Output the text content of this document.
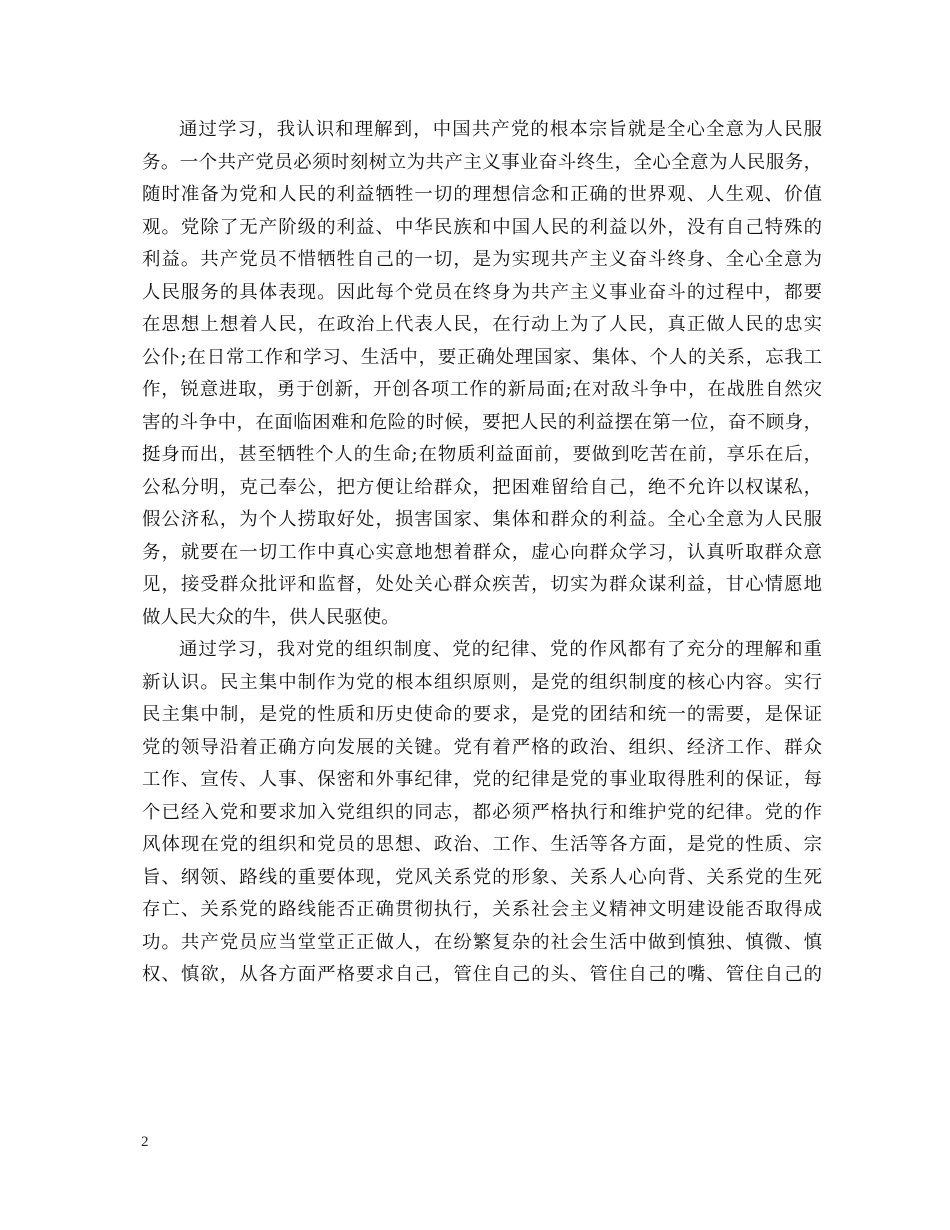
通过学习，我认识和理解到，中国共产党的根本宗旨就是全心全意为人民服
务。一个共产党员必须时刻树立为共产主义事业奋斗终生，全心全意为人民服务，
随时准备为党和人民的利益牺牲一切的理想信念和正确的世界观、人生观、价值
观。党除了无产阶级的利益、中华民族和中国人民的利益以外，没有自己特殊的
利益。共产党员不惜牺牲自己的一切，是为实现共产主义奋斗终身、全心全意为
人民服务的具体表现。因此每个党员在终身为共产主义事业奋斗的过程中，都要
在思想上想着人民，在政治上代表人民，在行动上为了人民，真正做人民的忠实
公仆;在日常工作和学习、生活中，要正确处理国家、集体、个人的关系，忘我工
作，锐意进取，勇于创新，开创各项工作的新局面;在对敌斗争中，在战胜自然灾
害的斗争中，在面临困难和危险的时候，要把人民的利益摆在第一位，奋不顾身，
挺身而出，甚至牺牲个人的生命;在物质利益面前，要做到吃苦在前，享乐在后，
公私分明，克己奉公，把方便让给群众，把困难留给自己，绝不允许以权谋私，
假公济私，为个人捞取好处，损害国家、集体和群众的利益。全心全意为人民服
务，就要在一切工作中真心实意地想着群众，虚心向群众学习，认真听取群众意
见，接受群众批评和监督，处处关心群众疾苦，切实为群众谋利益，甘心情愿地
做人民大众的牛，供人民驱使。
通过学习，我对党的组织制度、党的纪律、党的作风都有了充分的理解和重
新认识。民主集中制作为党的根本组织原则，是党的组织制度的核心内容。实行
民主集中制，是党的性质和历史使命的要求，是党的团结和统一的需要，是保证
党的领导沿着正确方向发展的关键。党有着严格的政治、组织、经济工作、群众
工作、宣传、人事、保密和外事纪律，党的纪律是党的事业取得胜利的保证，每
个已经入党和要求加入党组织的同志，都必须严格执行和维护党的纪律。党的作
风体现在党的组织和党员的思想、政治、工作、生活等各方面，是党的性质、宗
旨、纲领、路线的重要体现，党风关系党的形象、关系人心向背、关系党的生死
存亡、关系党的路线能否正确贯彻执行，关系社会主义精神文明建设能否取得成
功。共产党员应当堂堂正正做人，在纷繁复杂的社会生活中做到慎独、慎微、慎
权、慎欲，从各方面严格要求自己，管住自己的头、管住自己的嘴、管住自己的
2
